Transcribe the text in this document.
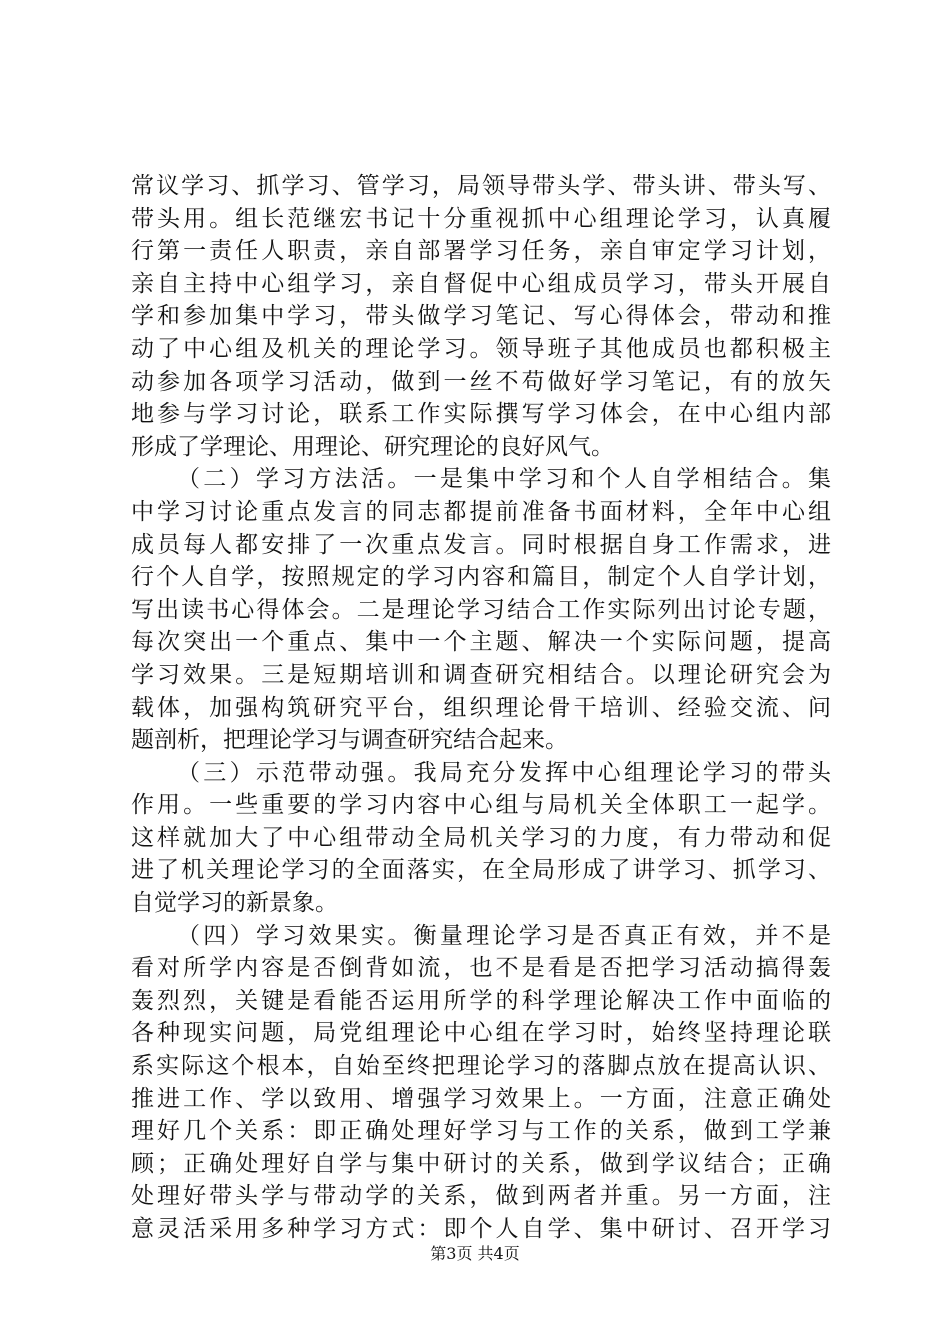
常议学习、抓学习、管学习，局领导带头学、带头讲、带头写、
带头用。组长范继宏书记十分重视抓中心组理论学习，认真履
行第一责任人职责，亲自部署学习任务，亲自审定学习计划，
亲自主持中心组学习，亲自督促中心组成员学习，带头开展自
学和参加集中学习，带头做学习笔记、写心得体会，带动和推
动了中心组及机关的理论学习。领导班子其他成员也都积极主
动参加各项学习活动，做到一丝不苟做好学习笔记，有的放矢
地参与学习讨论，联系工作实际撰写学习体会，在中心组内部
形成了学理论、用理论、研究理论的良好风气。
（二）学习方法活。一是集中学习和个人自学相结合。集
中学习讨论重点发言的同志都提前准备书面材料，全年中心组
成员每人都安排了一次重点发言。同时根据自身工作需求，进
行个人自学，按照规定的学习内容和篇目，制定个人自学计划，
写出读书心得体会。二是理论学习结合工作实际列出讨论专题，
每次突出一个重点、集中一个主题、解决一个实际问题，提高
学习效果。三是短期培训和调查研究相结合。以理论研究会为
载体，加强构筑研究平台，组织理论骨干培训、经验交流、问
题剖析，把理论学习与调查研究结合起来。
（三）示范带动强。我局充分发挥中心组理论学习的带头
作用。一些重要的学习内容中心组与局机关全体职工一起学。
这样就加大了中心组带动全局机关学习的力度，有力带动和促
进了机关理论学习的全面落实，在全局形成了讲学习、抓学习、
自觉学习的新景象。
（四）学习效果实。衡量理论学习是否真正有效，并不是
看对所学内容是否倒背如流，也不是看是否把学习活动搞得轰
轰烈烈，关键是看能否运用所学的科学理论解决工作中面临的
各种现实问题，局党组理论中心组在学习时，始终坚持理论联
系实际这个根本，自始至终把理论学习的落脚点放在提高认识、
推进工作、学以致用、增强学习效果上。一方面，注意正确处
理好几个关系：即正确处理好学习与工作的关系，做到工学兼
顾；正确处理好自学与集中研讨的关系，做到学议结合；正确
处理好带头学与带动学的关系，做到两者并重。另一方面，注
意灵活采用多种学习方式：即个人自学、集中研讨、召开学习
第3页 共4页
